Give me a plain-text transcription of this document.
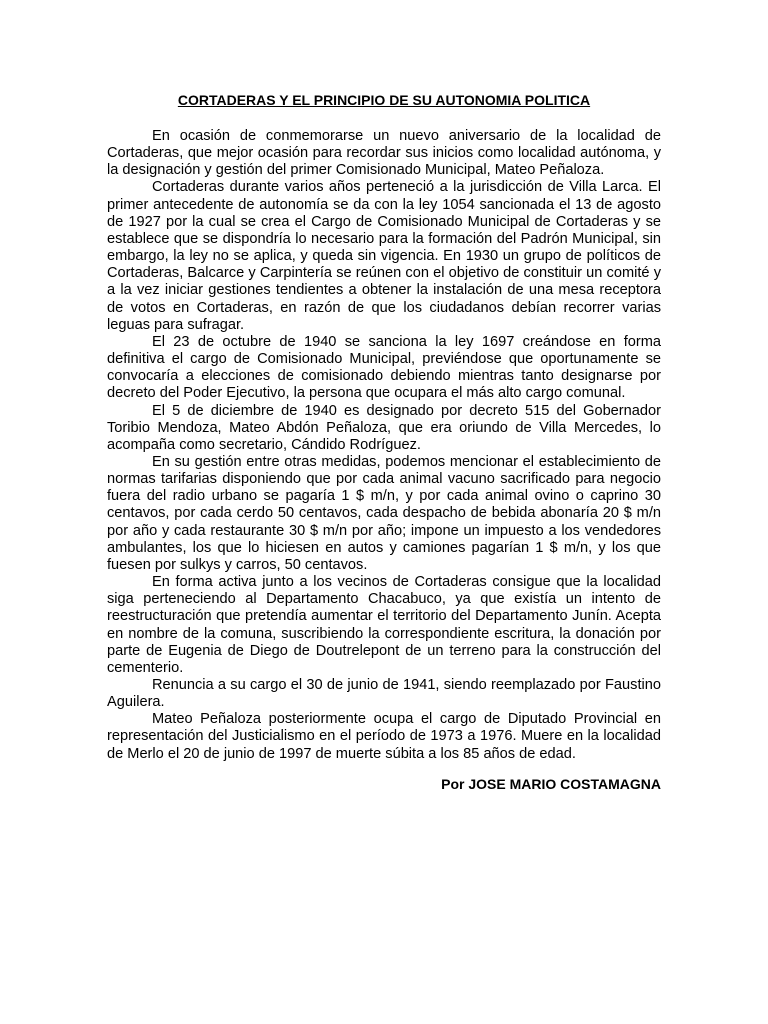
CORTADERAS Y EL PRINCIPIO DE SU AUTONOMIA POLITICA

En ocasión de conmemorarse un nuevo aniversario de la localidad de Cortaderas, que mejor ocasión para recordar sus inicios como localidad autónoma, y la designación y gestión del primer Comisionado Municipal, Mateo Peñaloza.

Cortaderas durante varios años perteneció a la jurisdicción de Villa Larca. El primer antecedente de autonomía se da con la ley 1054 sancionada el 13 de agosto de 1927 por la cual se crea el Cargo de Comisionado Municipal de Cortaderas y se establece que se dispondría lo necesario para la formación del Padrón Municipal, sin embargo, la ley no se aplica, y queda sin vigencia. En 1930 un grupo de políticos de Cortaderas, Balcarce y Carpintería se reúnen con el objetivo de constituir un comité y a la vez iniciar gestiones tendientes a obtener la instalación de una mesa receptora de votos en Cortaderas, en razón de que los ciudadanos debían recorrer varias leguas para sufragar.

El 23 de octubre de 1940 se sanciona la ley 1697 creándose en forma definitiva el cargo de Comisionado Municipal, previéndose que oportunamente se convocaría a elecciones de comisionado debiendo mientras tanto designarse por decreto del Poder Ejecutivo, la persona que ocupara el más alto cargo comunal.

El 5 de diciembre de 1940 es designado por decreto 515 del Gobernador Toribio Mendoza, Mateo Abdón Peñaloza, que era oriundo de Villa Mercedes, lo acompaña como secretario, Cándido Rodríguez.

En su gestión entre otras medidas, podemos mencionar el establecimiento de normas tarifarias disponiendo que por cada animal vacuno sacrificado para negocio fuera del radio urbano se pagaría 1 $ m/n, y por cada animal ovino o caprino 30 centavos, por cada cerdo 50 centavos, cada despacho de bebida abonaría 20 $ m/n por año y cada restaurante 30 $ m/n por año; impone un impuesto a los vendedores ambulantes, los que lo hiciesen en autos y camiones pagarían 1 $ m/n, y los que fuesen por sulkys y carros, 50 centavos.

En forma activa junto a los vecinos de Cortaderas consigue que la localidad siga perteneciendo al Departamento Chacabuco, ya que existía un intento de reestructuración que pretendía aumentar el territorio del Departamento Junín. Acepta en nombre de la comuna, suscribiendo la correspondiente escritura, la donación por parte de Eugenia de Diego de Doutrelepont de un terreno para la construcción del cementerio.

Renuncia a su cargo el 30 de junio de 1941, siendo reemplazado por Faustino Aguilera.

Mateo Peñaloza posteriormente ocupa el cargo de Diputado Provincial en representación del Justicialismo en el período de 1973 a 1976. Muere en la localidad de Merlo el 20 de junio de 1997 de muerte súbita a los 85 años de edad.

Por JOSE MARIO COSTAMAGNA
